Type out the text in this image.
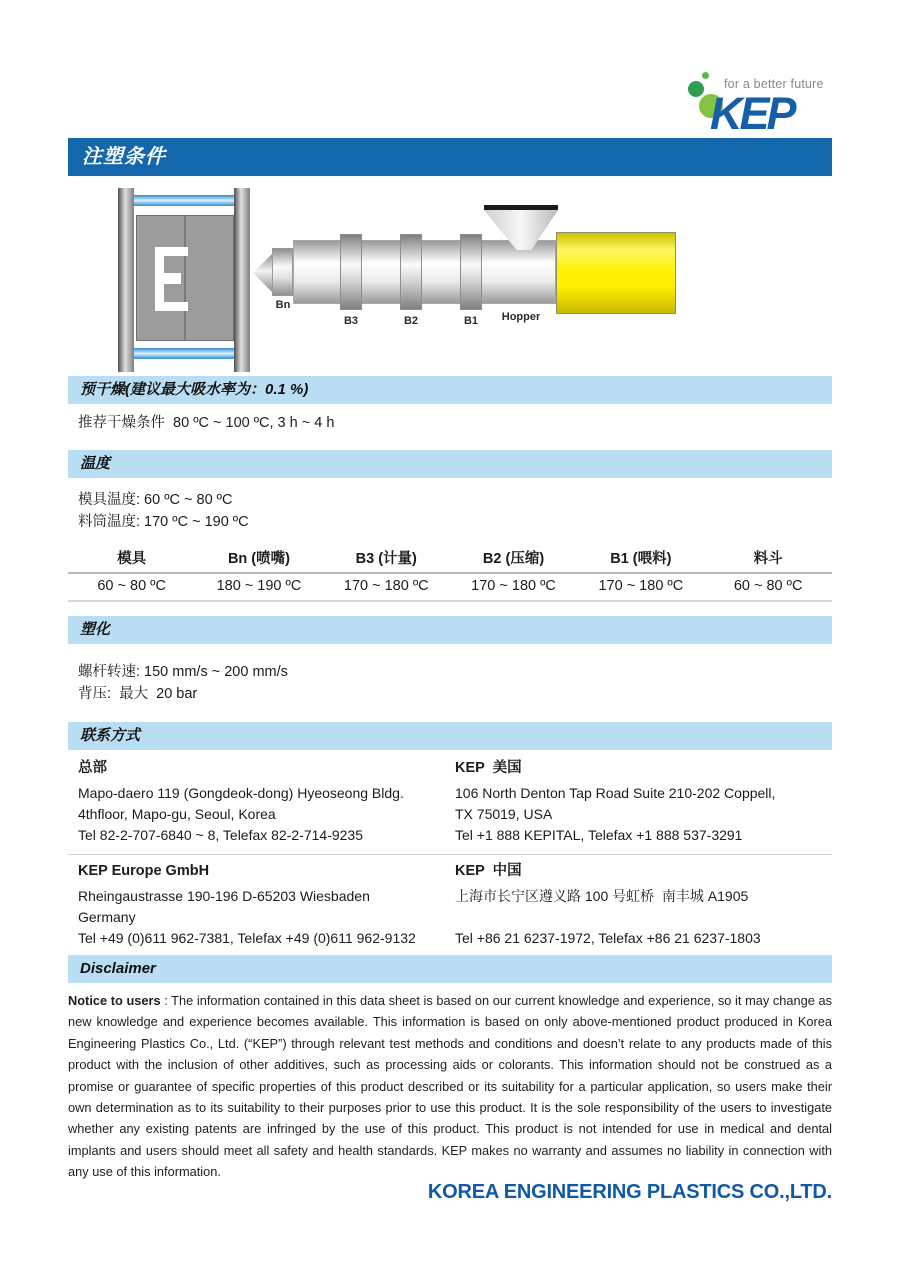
for a better future
KEP
注塑条件
Bn
B3	B2	B1	Hopper
预干燥(建议最大吸水率为：0.1 %)
推荐干燥条件  80 ºC ~ 100 ºC, 3 h ~ 4 h
温度
模具温度: 60 ºC ~ 80 ºC
料筒温度: 170 ºC ~ 190 ºC
模具	Bn (喷嘴)	B3 (计量)	B2 (压缩)	B1 (喂料)	料斗
60 ~ 80 ºC	180 ~ 190 ºC	170 ~ 180 ºC	170 ~ 180 ºC	170 ~ 180 ºC	60 ~ 80 ºC
塑化
螺杆转速: 150 mm/s ~ 200 mm/s
背压:  最大  20 bar
联系方式
总部
Mapo-daero 119 (Gongdeok-dong) Hyeoseong Bldg.
4thfloor, Mapo-gu, Seoul, Korea
Tel 82-2-707-6840 ~ 8, Telefax 82-2-714-9235
KEP  美国
106 North Denton Tap Road Suite 210-202 Coppell,
TX 75019, USA
Tel +1 888 KEPITAL, Telefax +1 888 537-3291
KEP Europe GmbH
Rheingaustrasse 190-196 D-65203 Wiesbaden
Germany
Tel +49 (0)611 962-7381, Telefax +49 (0)611 962-9132
KEP  中国
上海市长宁区遵义路 100 号虹桥  南丰城 A1905
Tel +86 21 6237-1972, Telefax +86 21 6237-1803
Disclaimer
Notice to users : The information contained in this data sheet is based on our current knowledge and experience, so it may change as new knowledge and experience becomes available. This information is based on only above-mentioned product produced in Korea Engineering Plastics Co., Ltd. (“KEP”) through relevant test methods and conditions and doesn’t relate to any products made of this product with the inclusion of other additives, such as processing aids or colorants. This information should not be construed as a promise or guarantee of specific properties of this product described or its suitability for a particular application, so users make their own determination as to its suitability to their purposes prior to use this product. It is the sole responsibility of the users to investigate whether any existing patents are infringed by the use of this product. This product is not intended for use in medical and dental implants and users should meet all safety and health standards. KEP makes no warranty and assumes no liability in connection with any use of this information.
KOREA ENGINEERING PLASTICS CO.,LTD.
